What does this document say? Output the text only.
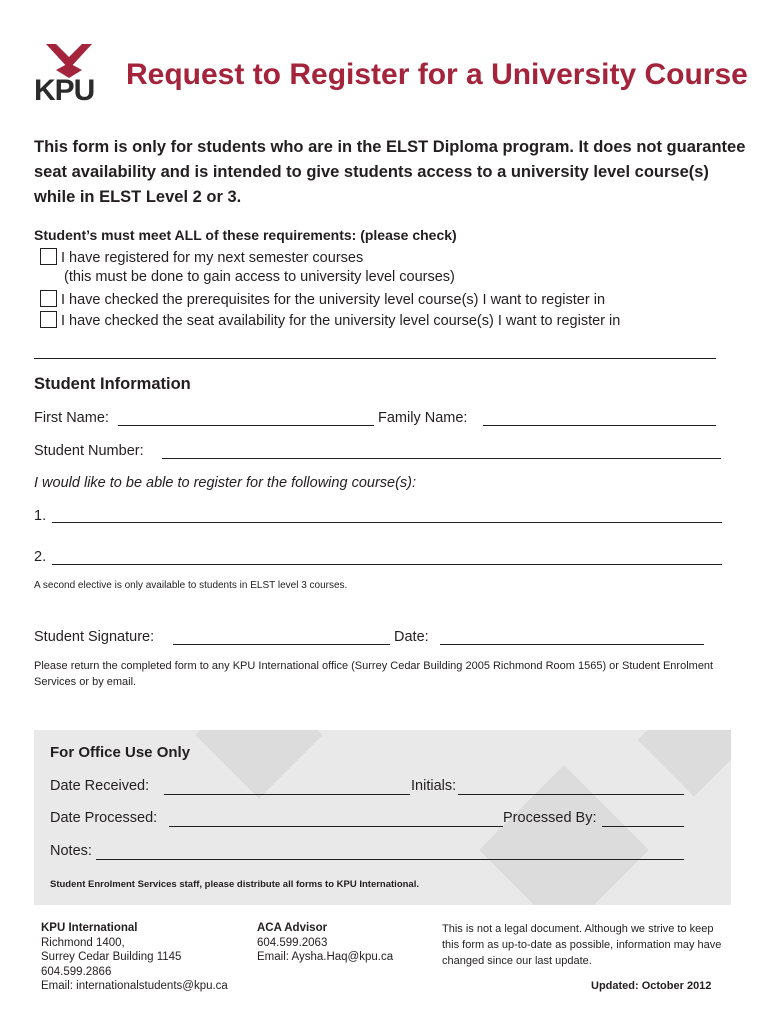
KPU Request to Register for a University Course
This form is only for students who are in the ELST Diploma program. It does not guarantee seat availability and is intended to give students access to a university level course(s) while in ELST Level 2 or 3.
Student’s must meet ALL of these requirements: (please check)
I have registered for my next semester courses
(this must be done to gain access to university level courses)
I have checked the prerequisites for the university level course(s) I want to register in
I have checked the seat availability for the university level course(s) I want to register in
Student Information
First Name:	Family Name:
Student Number:
I would like to be able to register for the following course(s):
1.
2.
A second elective is only available to students in ELST level 3 courses.
Student Signature:	Date:
Please return the completed form to any KPU International office (Surrey Cedar Building 2005 Richmond Room 1565) or Student Enrolment Services or by email.
For Office Use Only
Date Received:	Initials:
Date Processed:	Processed By:
Notes:
Student Enrolment Services staff, please distribute all forms to KPU International.
KPU International
Richmond 1400,
Surrey Cedar Building 1145
604.599.2866
Email: internationalstudents@kpu.ca
ACA Advisor
604.599.2063
Email: Aysha.Haq@kpu.ca
This is not a legal document. Although we strive to keep this form as up-to-date as possible, information may have changed since our last update.
Updated: October 2012
